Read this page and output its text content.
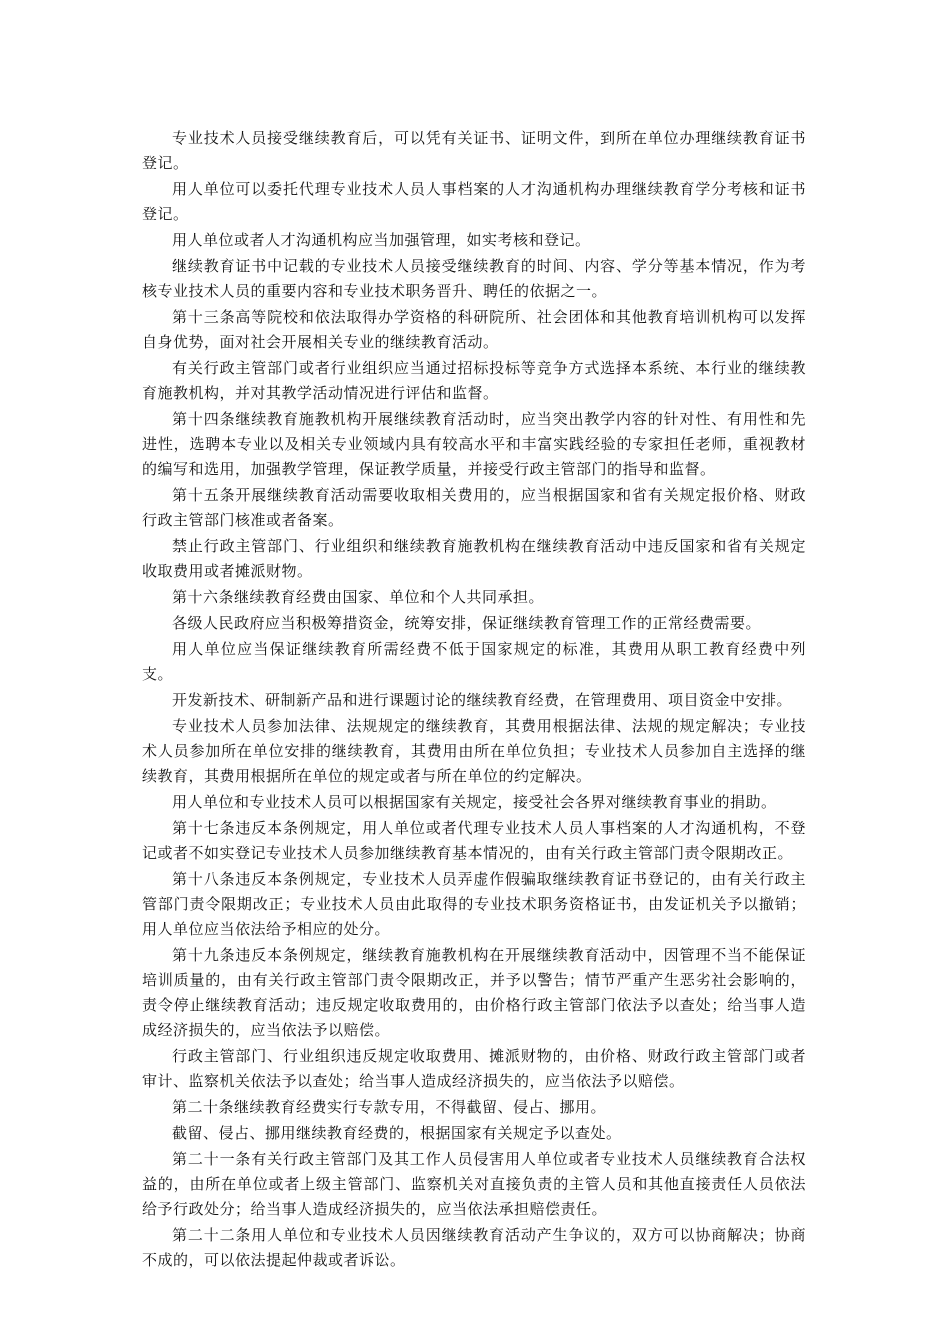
专业技术人员接受继续教育后，可以凭有关证书、证明文件，到所在单位办理继续教育证书登记。

用人单位可以委托代理专业技术人员人事档案的人才沟通机构办理继续教育学分考核和证书登记。

用人单位或者人才沟通机构应当加强管理，如实考核和登记。

继续教育证书中记载的专业技术人员接受继续教育的时间、内容、学分等基本情况，作为考核专业技术人员的重要内容和专业技术职务晋升、聘任的依据之一。

第十三条高等院校和依法取得办学资格的科研院所、社会团体和其他教育培训机构可以发挥自身优势，面对社会开展相关专业的继续教育活动。

有关行政主管部门或者行业组织应当通过招标投标等竞争方式选择本系统、本行业的继续教育施教机构，并对其教学活动情况进行评估和监督。

第十四条继续教育施教机构开展继续教育活动时，应当突出教学内容的针对性、有用性和先进性，选聘本专业以及相关专业领域内具有较高水平和丰富实践经验的专家担任老师，重视教材的编写和选用，加强教学管理，保证教学质量，并接受行政主管部门的指导和监督。

第十五条开展继续教育活动需要收取相关费用的，应当根据国家和省有关规定报价格、财政行政主管部门核准或者备案。

禁止行政主管部门、行业组织和继续教育施教机构在继续教育活动中违反国家和省有关规定收取费用或者摊派财物。

第十六条继续教育经费由国家、单位和个人共同承担。

各级人民政府应当积极筹措资金，统筹安排，保证继续教育管理工作的正常经费需要。

用人单位应当保证继续教育所需经费不低于国家规定的标准，其费用从职工教育经费中列支。

开发新技术、研制新产品和进行课题讨论的继续教育经费，在管理费用、项目资金中安排。

专业技术人员参加法律、法规规定的继续教育，其费用根据法律、法规的规定解决；专业技术人员参加所在单位安排的继续教育，其费用由所在单位负担；专业技术人员参加自主选择的继续教育，其费用根据所在单位的规定或者与所在单位的约定解决。

用人单位和专业技术人员可以根据国家有关规定，接受社会各界对继续教育事业的捐助。

第十七条违反本条例规定，用人单位或者代理专业技术人员人事档案的人才沟通机构，不登记或者不如实登记专业技术人员参加继续教育基本情况的，由有关行政主管部门责令限期改正。

第十八条违反本条例规定，专业技术人员弄虚作假骗取继续教育证书登记的，由有关行政主管部门责令限期改正；专业技术人员由此取得的专业技术职务资格证书，由发证机关予以撤销；用人单位应当依法给予相应的处分。

第十九条违反本条例规定，继续教育施教机构在开展继续教育活动中，因管理不当不能保证培训质量的，由有关行政主管部门责令限期改正，并予以警告；情节严重产生恶劣社会影响的，责令停止继续教育活动；违反规定收取费用的，由价格行政主管部门依法予以查处；给当事人造成经济损失的，应当依法予以赔偿。

行政主管部门、行业组织违反规定收取费用、摊派财物的，由价格、财政行政主管部门或者审计、监察机关依法予以查处；给当事人造成经济损失的，应当依法予以赔偿。

第二十条继续教育经费实行专款专用，不得截留、侵占、挪用。

截留、侵占、挪用继续教育经费的，根据国家有关规定予以查处。

第二十一条有关行政主管部门及其工作人员侵害用人单位或者专业技术人员继续教育合法权益的，由所在单位或者上级主管部门、监察机关对直接负责的主管人员和其他直接责任人员依法给予行政处分；给当事人造成经济损失的，应当依法承担赔偿责任。

第二十二条用人单位和专业技术人员因继续教育活动产生争议的，双方可以协商解决；协商不成的，可以依法提起仲裁或者诉讼。
